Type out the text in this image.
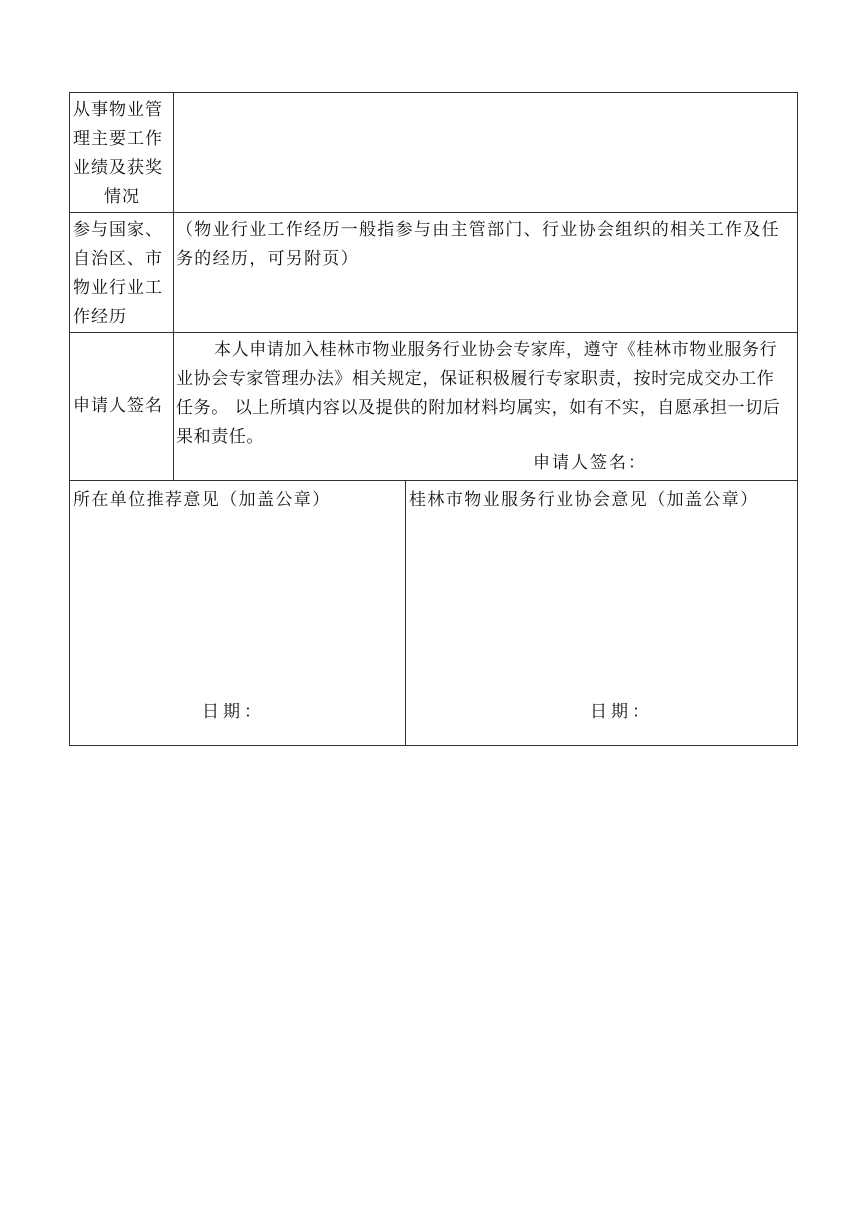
从事物业管
理主要工作
业绩及获奖
情况
参与国家、
自治区、市
物业行业工
作经历
（物业行业工作经历一般指参与由主管部门、行业协会组织的相关工作及任务的经历，可另附页）
申请人签名
本人申请加入桂林市物业服务行业协会专家库，遵守《桂林市物业服务行业协会专家管理办法》相关规定，保证积极履行专家职责，按时完成交办工作任务。 以上所填内容以及提供的附加材料均属实，如有不实，自愿承担一切后果和责任。
申请人签名：
所在单位推荐意见（加盖公章）
日期：
桂林市物业服务行业协会意见（加盖公章）
日期：
